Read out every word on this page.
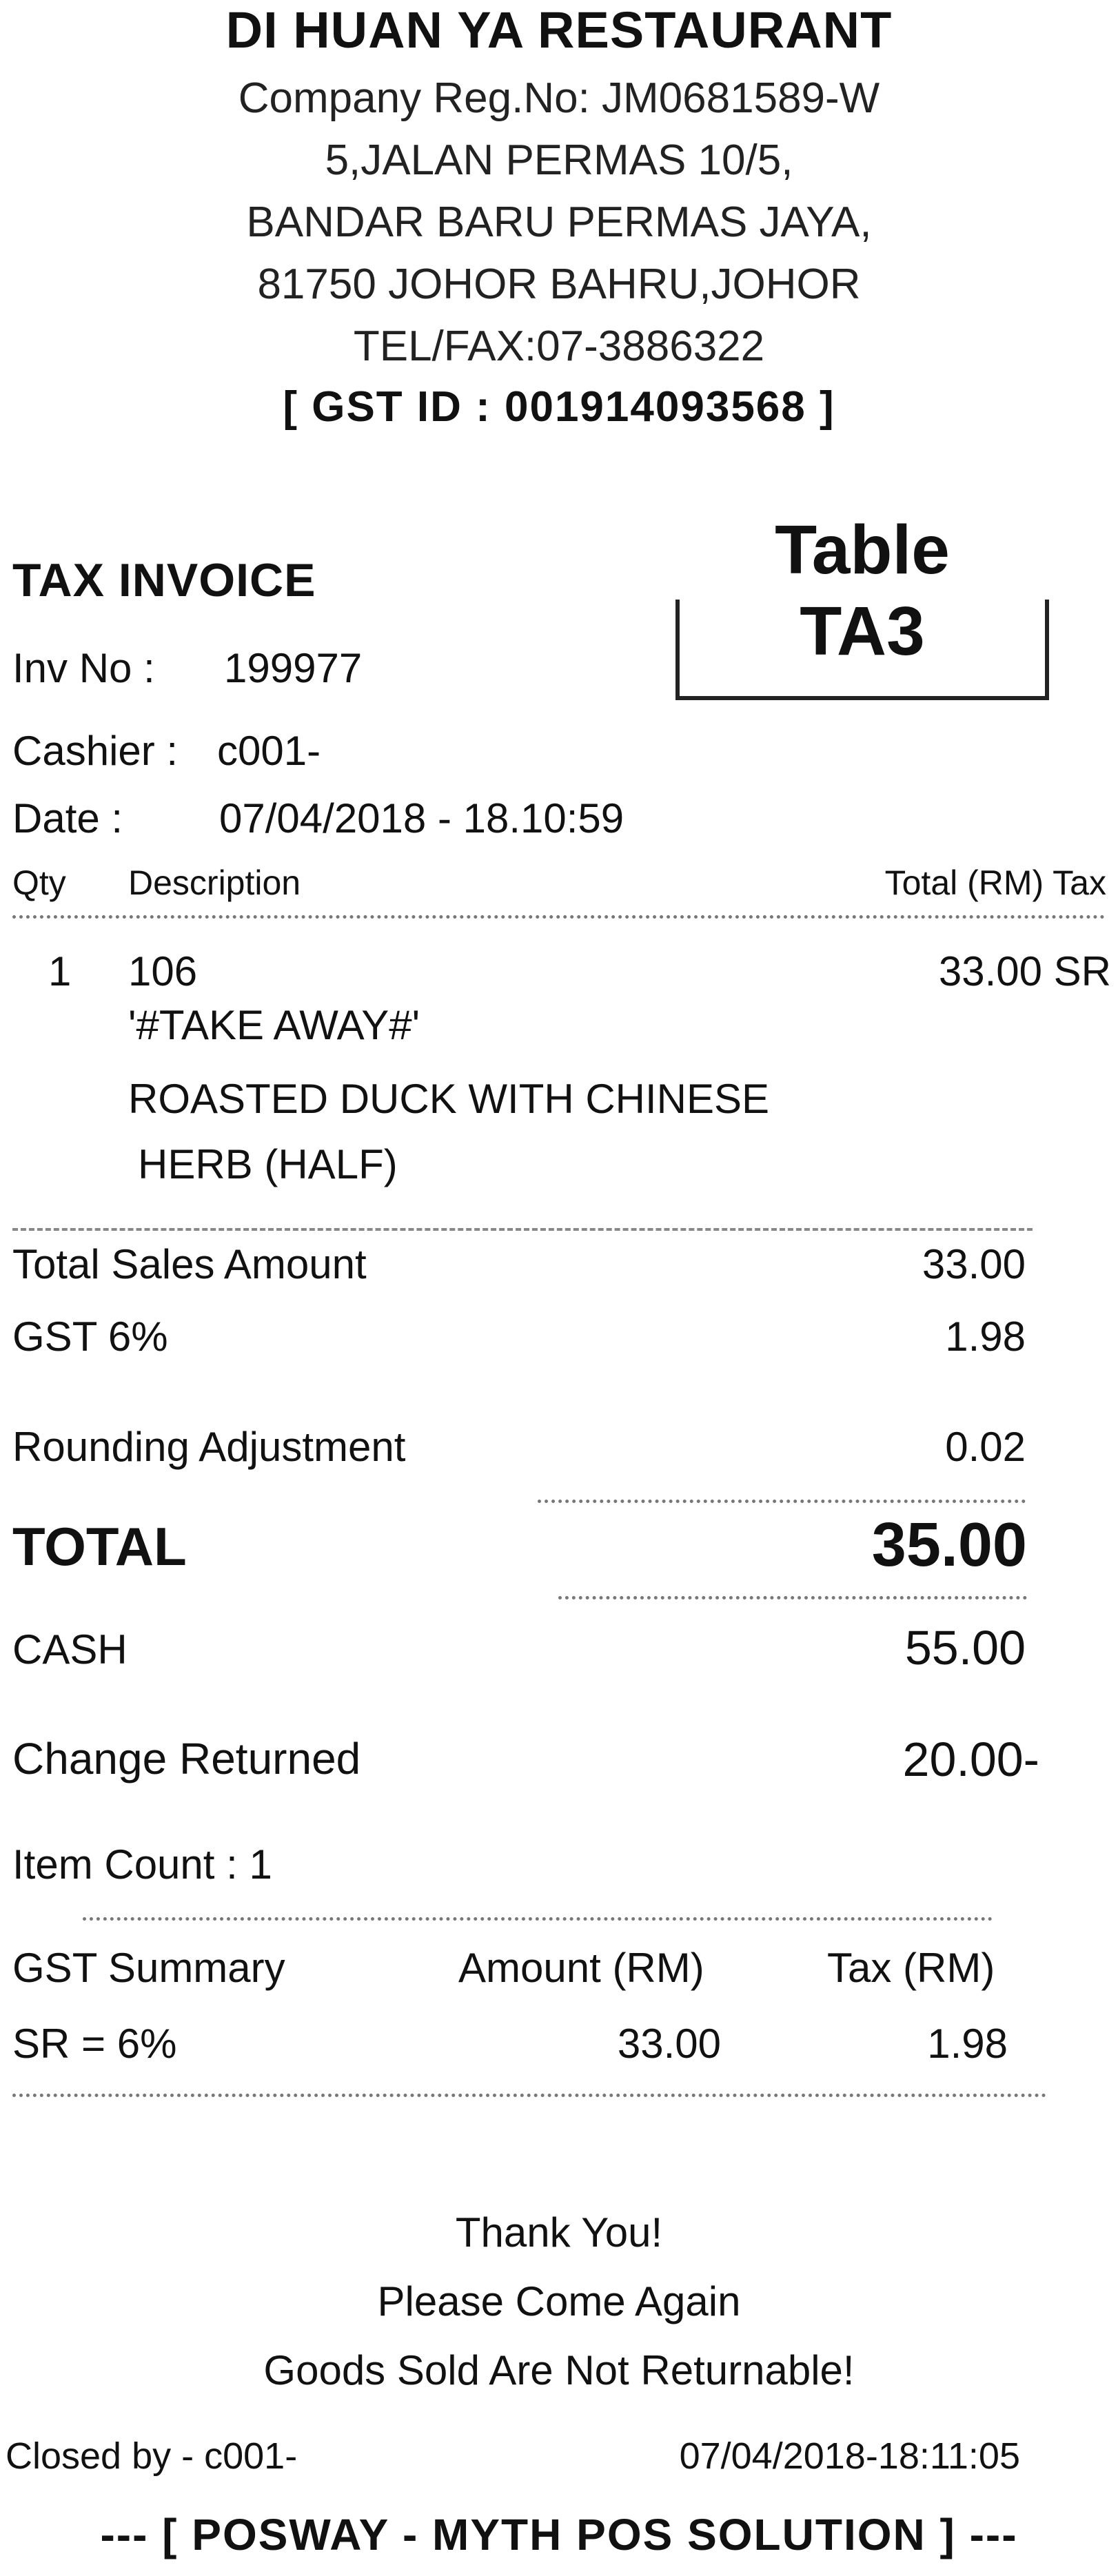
DI HUAN YA RESTAURANT
Company Reg.No: JM0681589-W
5,JALAN PERMAS 10/5,
BANDAR BARU PERMAS JAYA,
81750 JOHOR BAHRU,JOHOR
TEL/FAX:07-3886322
[ GST ID : 001914093568 ]
TAX INVOICE	Table
TA3
Inv No : 199977
Cashier : c001-
Date : 07/04/2018 - 18.10:59
Qty Description	Total (RM) Tax
1 106	33.00 SR
'#TAKE AWAY#'
ROASTED DUCK WITH CHINESE
HERB (HALF)
Total Sales Amount	33.00
GST 6%	1.98
Rounding Adjustment	0.02
TOTAL	35.00
CASH	55.00
Change Returned	20.00-
Item Count : 1
GST Summary	Amount (RM)	Tax (RM)
SR = 6%	33.00	1.98
Thank You!
Please Come Again
Goods Sold Are Not Returnable!
Closed by - c001-	07/04/2018-18:11:05
--- [ POSWAY - MYTH POS SOLUTION ] ---
